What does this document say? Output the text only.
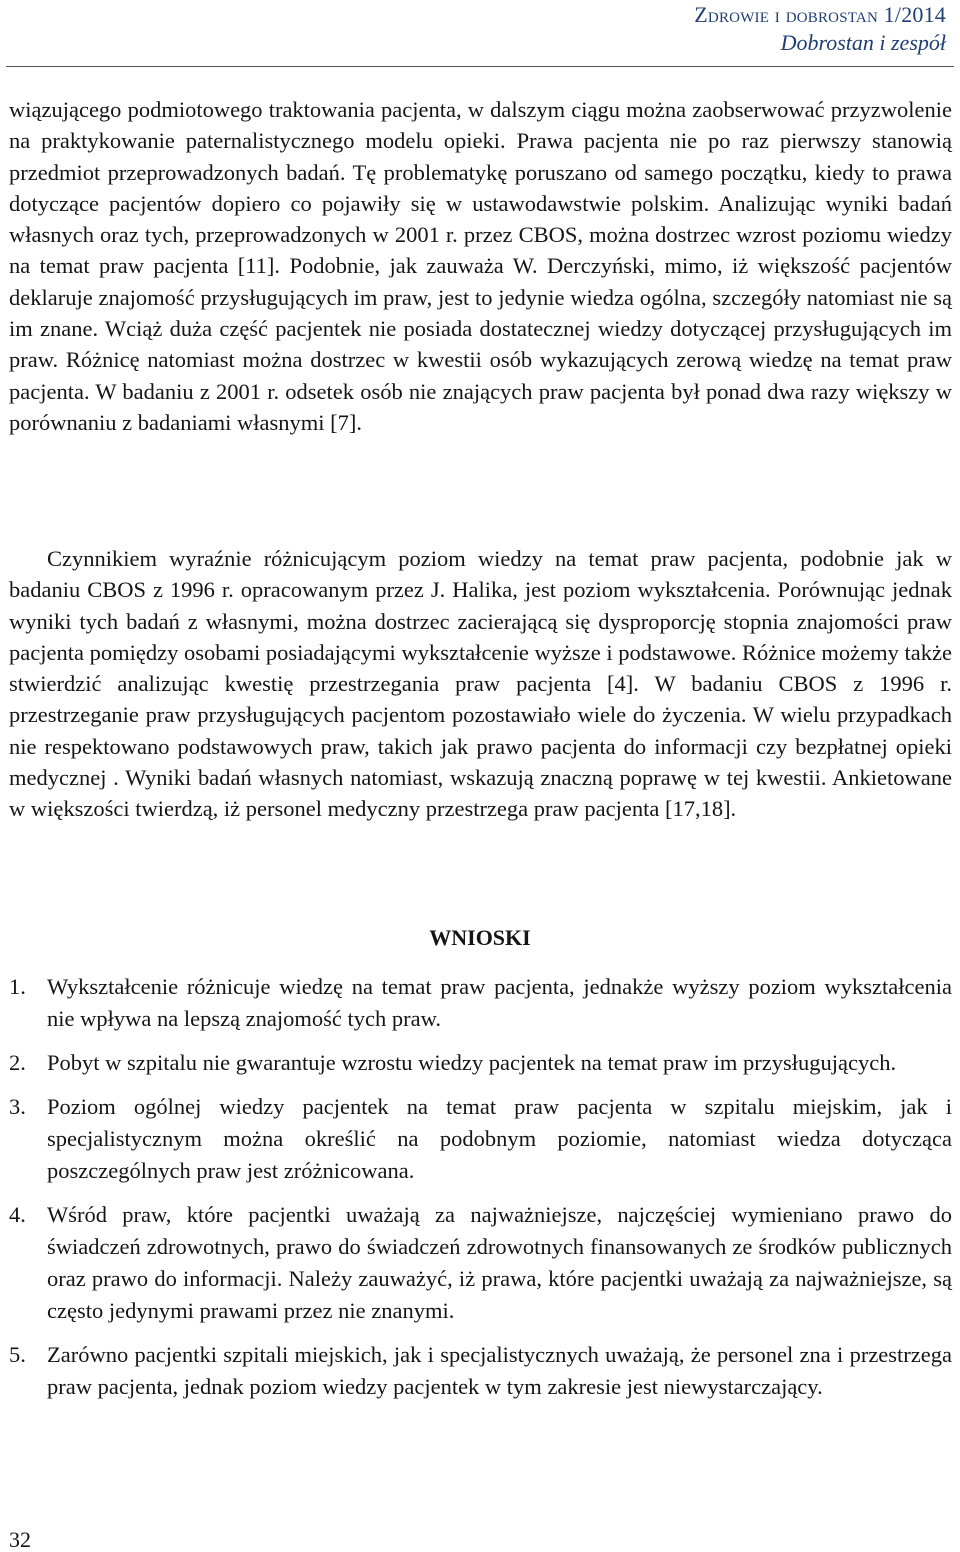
Zdrowie i dobrostan 1/2014
Dobrostan i zespół

wiązującego podmiotowego traktowania pacjenta, w dalszym ciągu można zaobserwować przyzwolenie na praktykowanie paternalistycznego modelu opieki. Prawa pacjenta nie po raz pierwszy stanowią przedmiot przeprowadzonych badań. Tę problematykę poruszano od samego początku, kiedy to prawa dotyczące pacjentów dopiero co pojawiły się w ustawodawstwie polskim. Analizując wyniki badań własnych oraz tych, przeprowadzonych w 2001 r. przez CBOS, można dostrzec wzrost poziomu wiedzy na temat praw pacjenta [11]. Podobnie, jak zauważa W. Derczyński, mimo, iż większość pacjentów deklaruje znajomość przysługujących im praw, jest to jedynie wiedza ogólna, szczegóły natomiast nie są im znane. Wciąż duża część pacjentek nie posiada dostatecznej wiedzy dotyczącej przysługujących im praw. Różnicę natomiast można dostrzec w kwestii osób wykazujących zerową wiedzę na temat praw pacjenta. W badaniu z 2001 r. odsetek osób nie znających praw pacjenta był ponad dwa razy większy w porównaniu z badaniami własnymi [7].

Czynnikiem wyraźnie różnicującym poziom wiedzy na temat praw pacjenta, podobnie jak w badaniu CBOS z 1996 r. opracowanym przez J. Halika, jest poziom wykształcenia. Porównując jednak wyniki tych badań z własnymi, można dostrzec zacierającą się dysproporcję stopnia znajomości praw pacjenta pomiędzy osobami posiadającymi wykształcenie wyższe i podstawowe. Różnice możemy także stwierdzić analizując kwestię przestrzegania praw pacjenta [4]. W badaniu CBOS z 1996 r. przestrzeganie praw przysługujących pacjentom pozostawiało wiele do życzenia. W wielu przypadkach nie respektowano podstawowych praw, takich jak prawo pacjenta do informacji czy bezpłatnej opieki medycznej . Wyniki badań własnych natomiast, wskazują znaczną poprawę w tej kwestii. Ankietowane w większości twierdzą, iż personel medyczny przestrzega praw pacjenta [17,18].

WNIOSKI
1. Wykształcenie różnicuje wiedzę na temat praw pacjenta, jednakże wyższy poziom wykształcenia nie wpływa na lepszą znajomość tych praw.
2. Pobyt w szpitalu nie gwarantuje wzrostu wiedzy pacjentek na temat praw im przysługujących.
3. Poziom ogólnej wiedzy pacjentek na temat praw pacjenta w szpitalu miejskim, jak i specjalistycznym można określić na podobnym poziomie, natomiast wiedza dotycząca poszczególnych praw jest zróżnicowana.
4. Wśród praw, które pacjentki uważają za najważniejsze, najczęściej wymieniano prawo do świadczeń zdrowotnych, prawo do świadczeń zdrowotnych finansowanych ze środków publicznych oraz prawo do informacji. Należy zauważyć, iż prawa, które pacjentki uważają za najważniejsze, są często jedynymi prawami przez nie znanymi.
5. Zarówno pacjentki szpitali miejskich, jak i specjalistycznych uważają, że personel zna i przestrzega praw pacjenta, jednak poziom wiedzy pacjentek w tym zakresie jest niewystarczający.
32
